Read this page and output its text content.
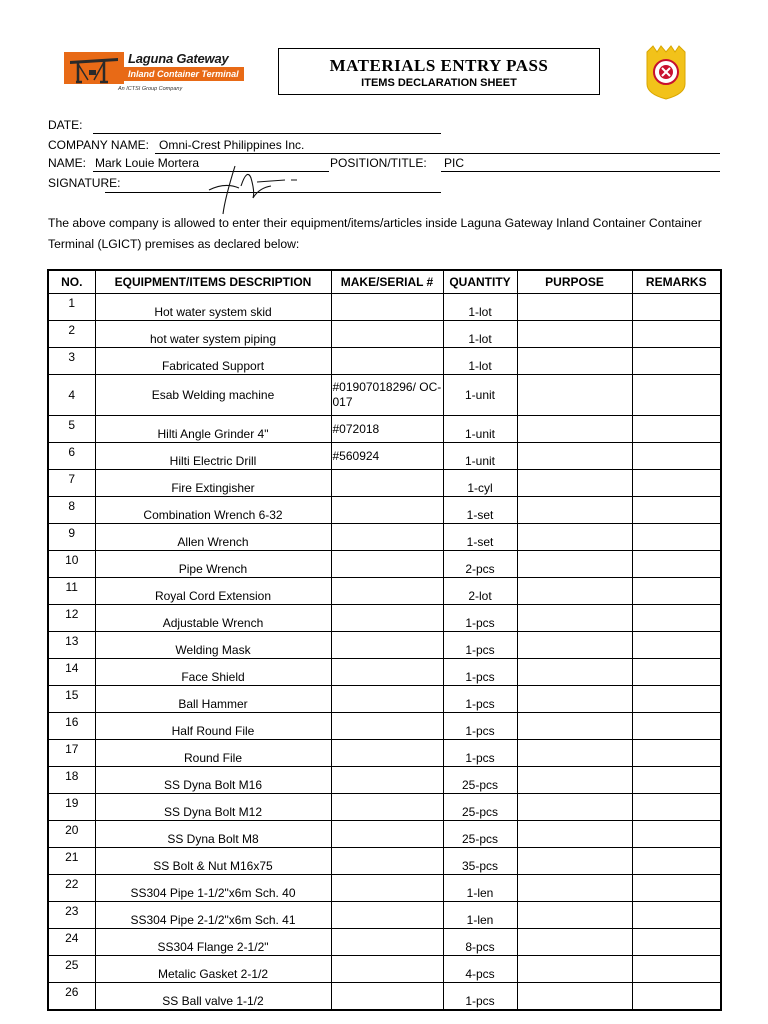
Laguna Gateway
Inland Container Terminal
An ICTSI Group Company
MATERIALS ENTRY PASS
ITEMS DECLARATION SHEET
DATE:
COMPANY NAME: Omni-Crest Philippines Inc.
NAME: Mark Louie Mortera	POSITION/TITLE: PIC
SIGNATURE:
The above company is allowed to enter their equipment/items/articles inside Laguna Gateway Inland Container Container Terminal (LGICT) premises as declared below:
NO.	EQUIPMENT/ITEMS DESCRIPTION	MAKE/SERIAL #	QUANTITY	PURPOSE	REMARKS
1	Hot water system skid		1-lot		
2	hot water system piping		1-lot		
3	Fabricated Support		1-lot		
4	Esab Welding machine	#01907018296/ OC-017	1-unit		
5	Hilti Angle Grinder 4"	#072018	1-unit		
6	Hilti Electric Drill	#560924	1-unit		
7	Fire Extingisher		1-cyl		
8	Combination Wrench 6-32		1-set		
9	Allen Wrench		1-set		
10	Pipe Wrench		2-pcs		
11	Royal Cord Extension		2-lot		
12	Adjustable Wrench		1-pcs		
13	Welding Mask		1-pcs		
14	Face Shield		1-pcs		
15	Ball Hammer		1-pcs		
16	Half Round File		1-pcs		
17	Round File		1-pcs		
18	SS Dyna Bolt M16		25-pcs		
19	SS Dyna Bolt M12		25-pcs		
20	SS Dyna Bolt M8		25-pcs		
21	SS Bolt & Nut M16x75		35-pcs		
22	SS304 Pipe 1-1/2"x6m Sch. 40		1-len		
23	SS304 Pipe 2-1/2"x6m Sch. 41		1-len		
24	SS304 Flange 2-1/2"		8-pcs		
25	Metalic Gasket 2-1/2		4-pcs		
26	SS Ball valve 1-1/2		1-pcs		
